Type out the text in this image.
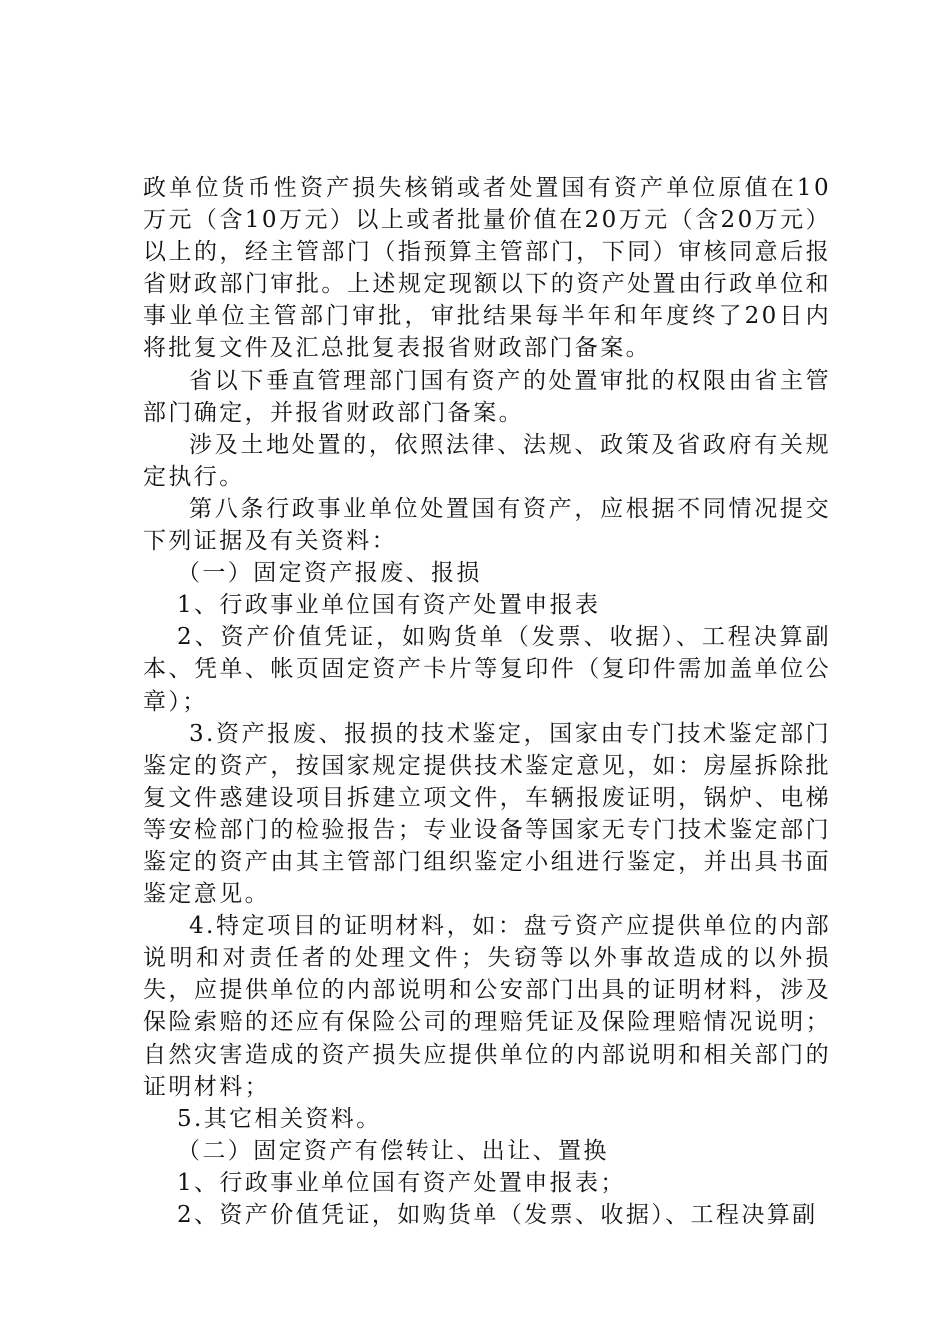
政单位货币性资产损失核销或者处置国有资产单位原值在10万元（含10万元）以上或者批量价值在20万元（含20万元）以上的，经主管部门（指预算主管部门，下同）审核同意后报省财政部门审批。上述规定现额以下的资产处置由行政单位和事业单位主管部门审批，审批结果每半年和年度终了20日内将批复文件及汇总批复表报省财政部门备案。

省以下垂直管理部门国有资产的处置审批的权限由省主管部门确定，并报省财政部门备案。

涉及土地处置的，依照法律、法规、政策及省政府有关规定执行。

第八条行政事业单位处置国有资产，应根据不同情况提交下列证据及有关资料：

（一）固定资产报废、报损

1、行政事业单位国有资产处置申报表

2、资产价值凭证，如购货单（发票、收据）、工程决算副本、凭单、帐页固定资产卡片等复印件（复印件需加盖单位公章）；

3.资产报废、报损的技术鉴定，国家由专门技术鉴定部门鉴定的资产，按国家规定提供技术鉴定意见，如：房屋拆除批复文件惑建设项目拆建立项文件，车辆报废证明，锅炉、电梯等安检部门的检验报告；专业设备等国家无专门技术鉴定部门鉴定的资产由其主管部门组织鉴定小组进行鉴定，并出具书面鉴定意见。

4.特定项目的证明材料，如：盘亏资产应提供单位的内部说明和对责任者的处理文件；失窃等以外事故造成的以外损失，应提供单位的内部说明和公安部门出具的证明材料，涉及保险索赔的还应有保险公司的理赔凭证及保险理赔情况说明；自然灾害造成的资产损失应提供单位的内部说明和相关部门的证明材料；

5.其它相关资料。

（二）固定资产有偿转让、出让、置换

1、行政事业单位国有资产处置申报表；

2、资产价值凭证，如购货单（发票、收据）、工程决算副
